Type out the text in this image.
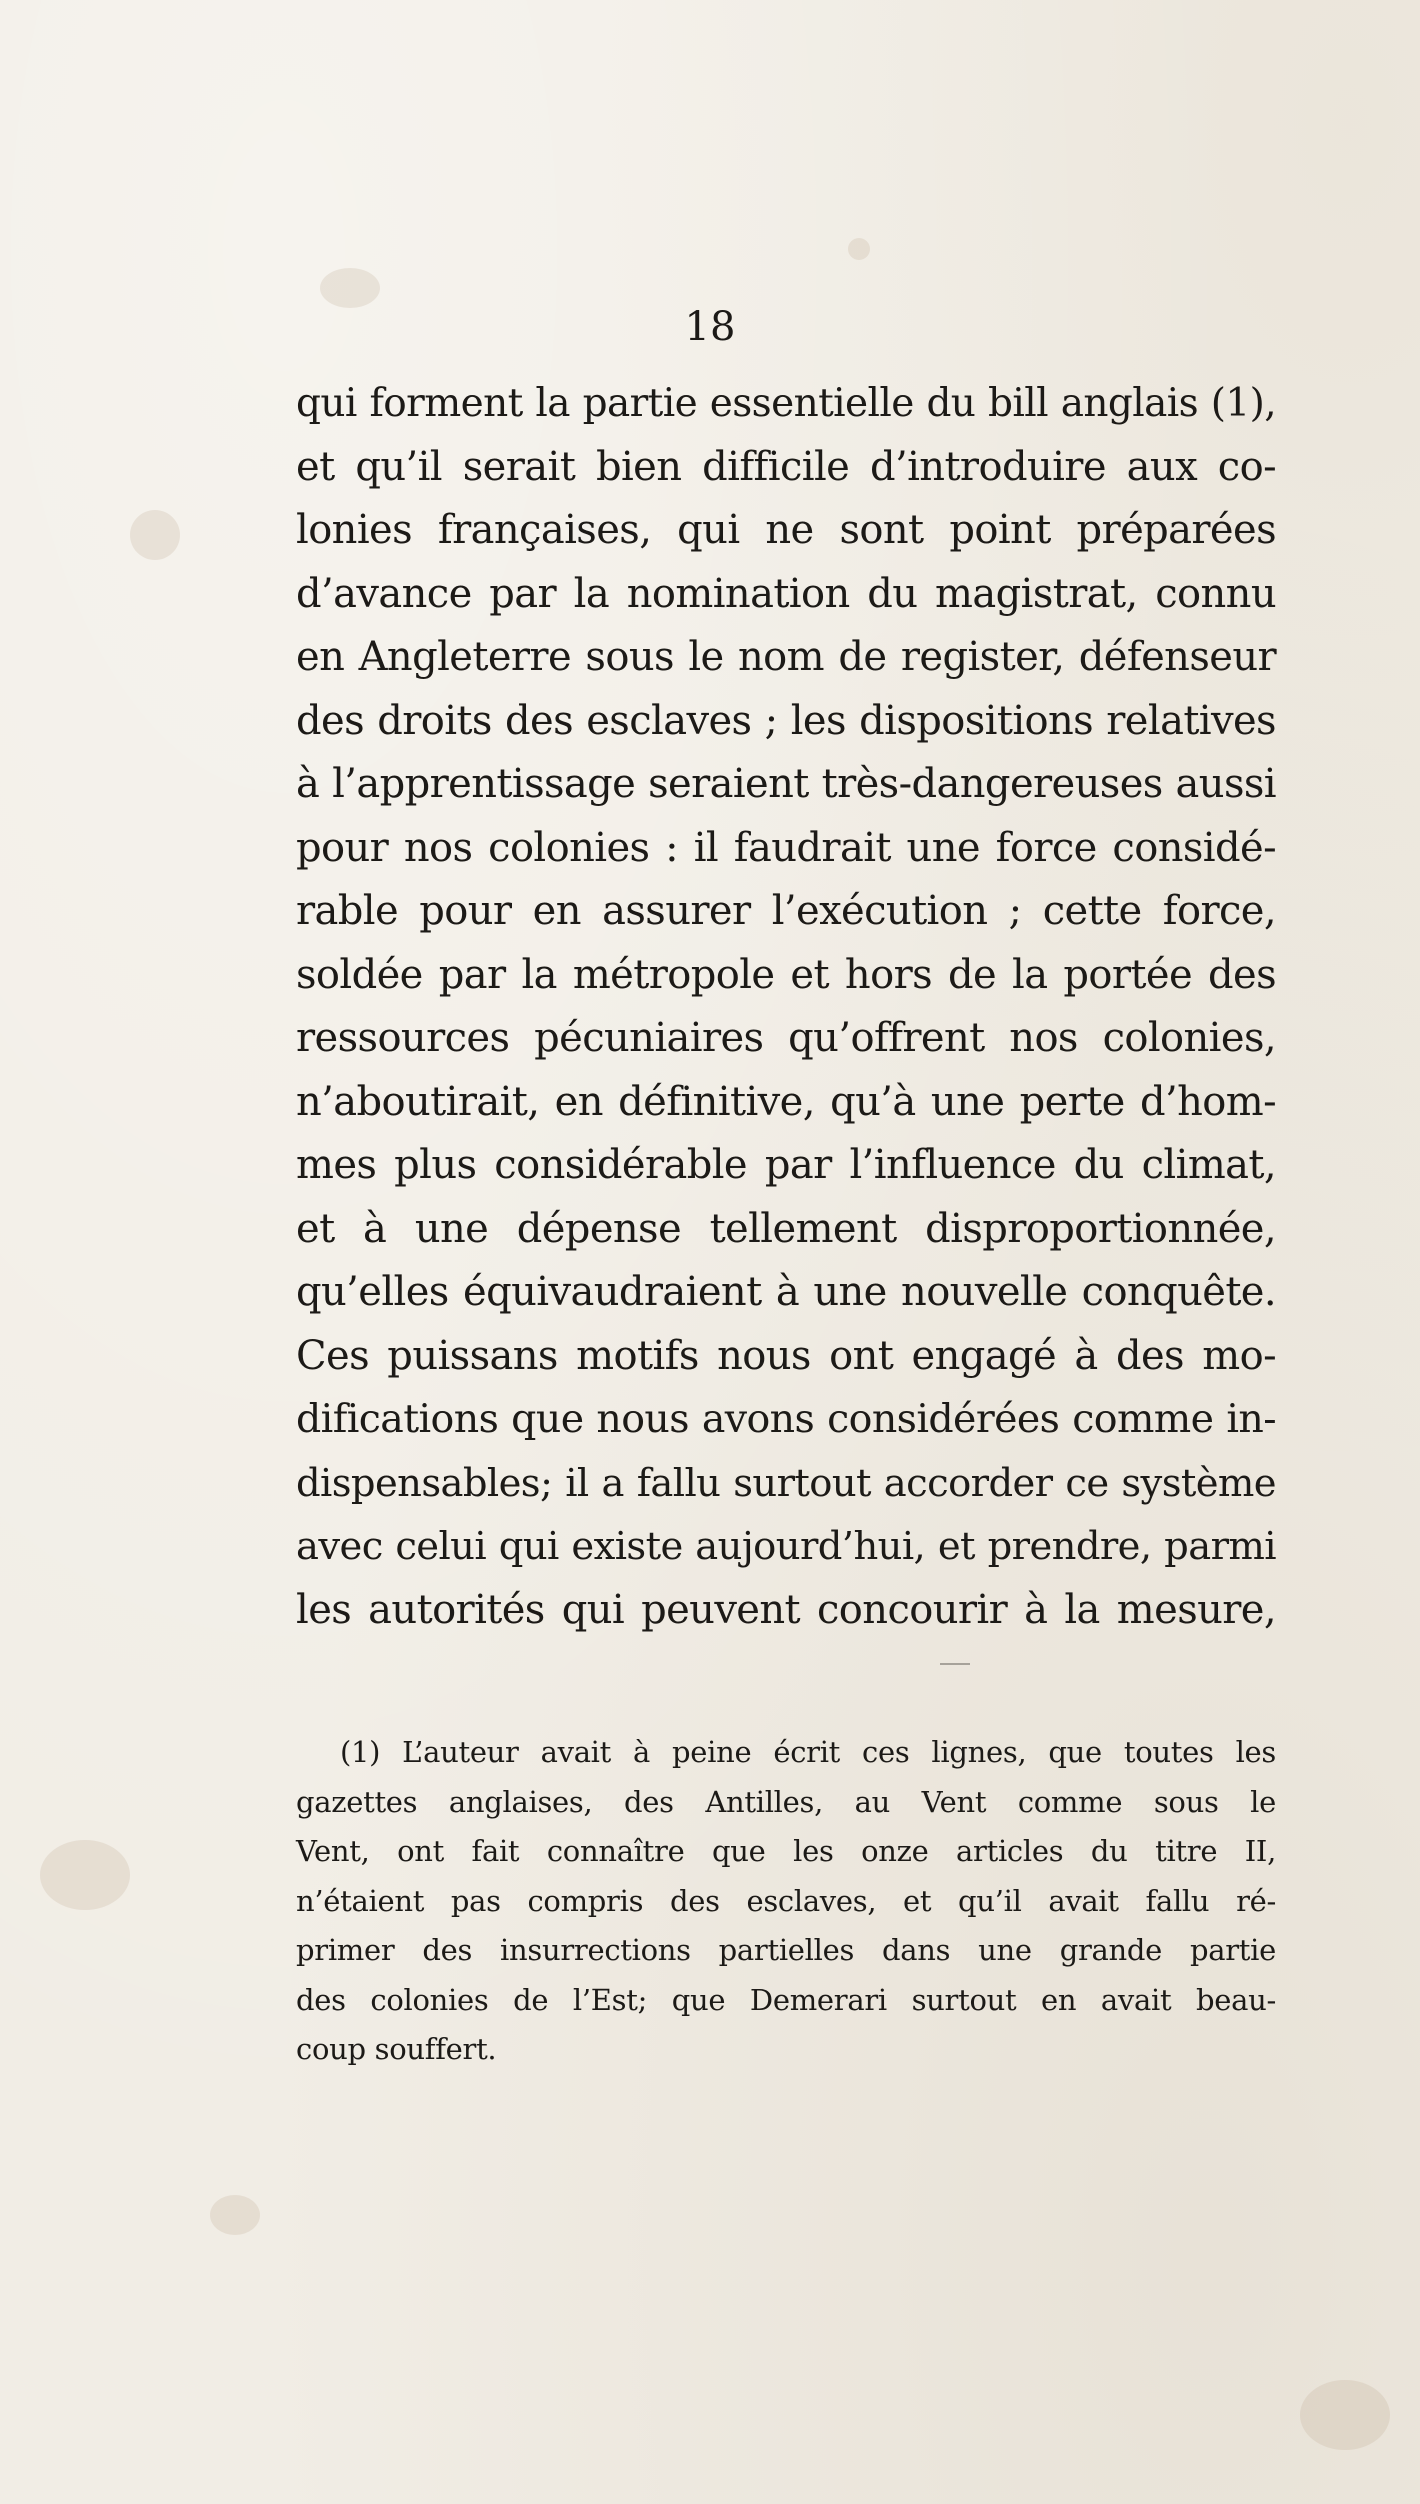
18
qui forment la partie essentielle du bill anglais (1),
et qu’il serait bien difficile d’introduire aux co-
lonies françaises, qui ne sont point préparées
d’avance par la nomination du magistrat, connu
en Angleterre sous le nom de register, défenseur
des droits des esclaves ; les dispositions relatives
à l’apprentissage seraient très-dangereuses aussi
pour nos colonies : il faudrait une force considé-
rable pour en assurer l’exécution ; cette force,
soldée par la métropole et hors de la portée des
ressources pécuniaires qu’offrent nos colonies,
n’aboutirait, en définitive, qu’à une perte d’hom-
mes plus considérable par l’influence du climat,
et à une dépense tellement disproportionnée,
qu’elles équivaudraient à une nouvelle conquête.
Ces puissans motifs nous ont engagé à des mo-
difications que nous avons considérées comme in-
dispensables; il a fallu surtout accorder ce système
avec celui qui existe aujourd’hui, et prendre, parmi
les autorités qui peuvent concourir à la mesure,
(1) L’auteur avait à peine écrit ces lignes, que toutes les
gazettes anglaises, des Antilles, au Vent comme sous le
Vent, ont fait connaître que les onze articles du titre II,
n’étaient pas compris des esclaves, et qu’il avait fallu ré-
primer des insurrections partielles dans une grande partie
des colonies de l’Est; que Demerari surtout en avait beau-
coup souffert.
